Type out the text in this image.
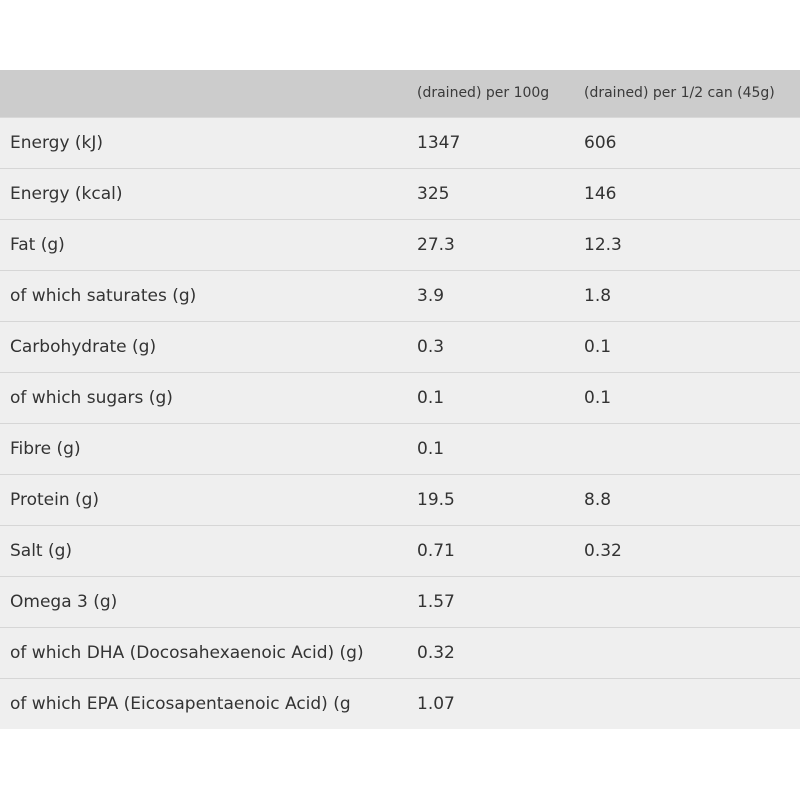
	(drained) per 100g	(drained) per 1/2 can (45g)
Energy (kJ)	1347	606
Energy (kcal)	325	146
Fat (g)	27.3	12.3
of which saturates (g)	3.9	1.8
Carbohydrate (g)	0.3	0.1
of which sugars (g)	0.1	0.1
Fibre (g)	0.1	
Protein (g)	19.5	8.8
Salt (g)	0.71	0.32
Omega 3 (g)	1.57	
of which DHA (Docosahexaenoic Acid) (g)	0.32	
of which EPA (Eicosapentaenoic Acid) (g	1.07	
